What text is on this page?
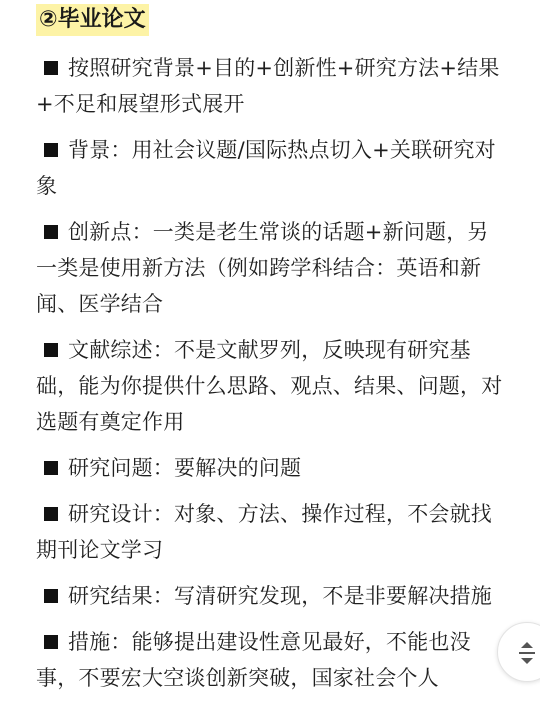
②毕业论文
按照研究背景+目的+创新性+研究方法+结果+不足和展望形式展开
背景：用社会议题/国际热点切入+关联研究对象
创新点：一类是老生常谈的话题+新问题，另一类是使用新方法（例如跨学科结合：英语和新闻、医学结合
文献综述：不是文献罗列，反映现有研究基础，能为你提供什么思路、观点、结果、问题，对选题有奠定作用
研究问题：要解决的问题
研究设计：对象、方法、操作过程，不会就找期刊论文学习
研究结果：写清研究发现，不是非要解决措施
措施：能够提出建设性意见最好，不能也没事，不要宏大空谈创新突破，国家社会个人
